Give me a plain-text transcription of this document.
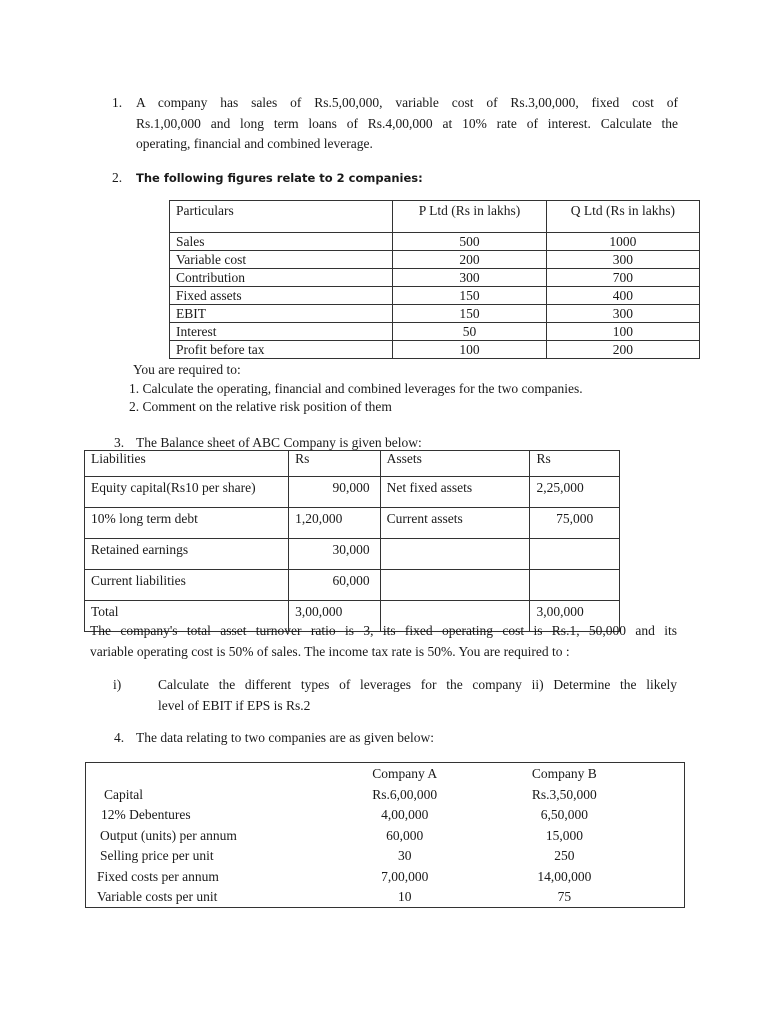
1. A company has sales of Rs.5,00,000, variable cost of Rs.3,00,000, fixed cost of

Rs.1,00,000 and long term loans of Rs.4,00,000 at 10% rate of interest. Calculate the

operating, financial and combined leverage.

2. The following figures relate to 2 companies:
Particulars	P Ltd (Rs in lakhs)	Q Ltd (Rs in lakhs)
Sales	500	1000
Variable cost	200	300
Contribution	300	700
Fixed assets	150	400
EBIT	150	300
Interest	50	100
Profit before tax	100	200
You are required to:
1. Calculate the operating, financial and combined leverages for the two companies.
2. Comment on the relative risk position of them
3. The Balance sheet of ABC Company is given below:
Liabilities	Rs	Assets	Rs
Equity capital(Rs10 per share)	90,000	Net fixed assets	2,25,000
10% long term debt	1,20,000	Current assets	75,000
Retained earnings	30,000		
Current liabilities	60,000		
Total	3,00,000		3,00,000

The company's total asset turnover ratio is 3, its fixed operating cost is Rs.1, 50,000 and its

variable operating cost is 50% of sales. The income tax rate is 50%. You are required to :

i)	Calculate the different types of leverages for the company ii) Determine the likely

level of EBIT if EPS is Rs.2

4. The data relating to two companies are as given below:
	Company A	Company B
Capital	Rs.6,00,000	Rs.3,50,000
12% Debentures	4,00,000	6,50,000
Output (units) per annum	60,000	15,000
Selling price per unit	30	250
Fixed costs per annum	7,00,000	14,00,000
Variable costs per unit	10	75
